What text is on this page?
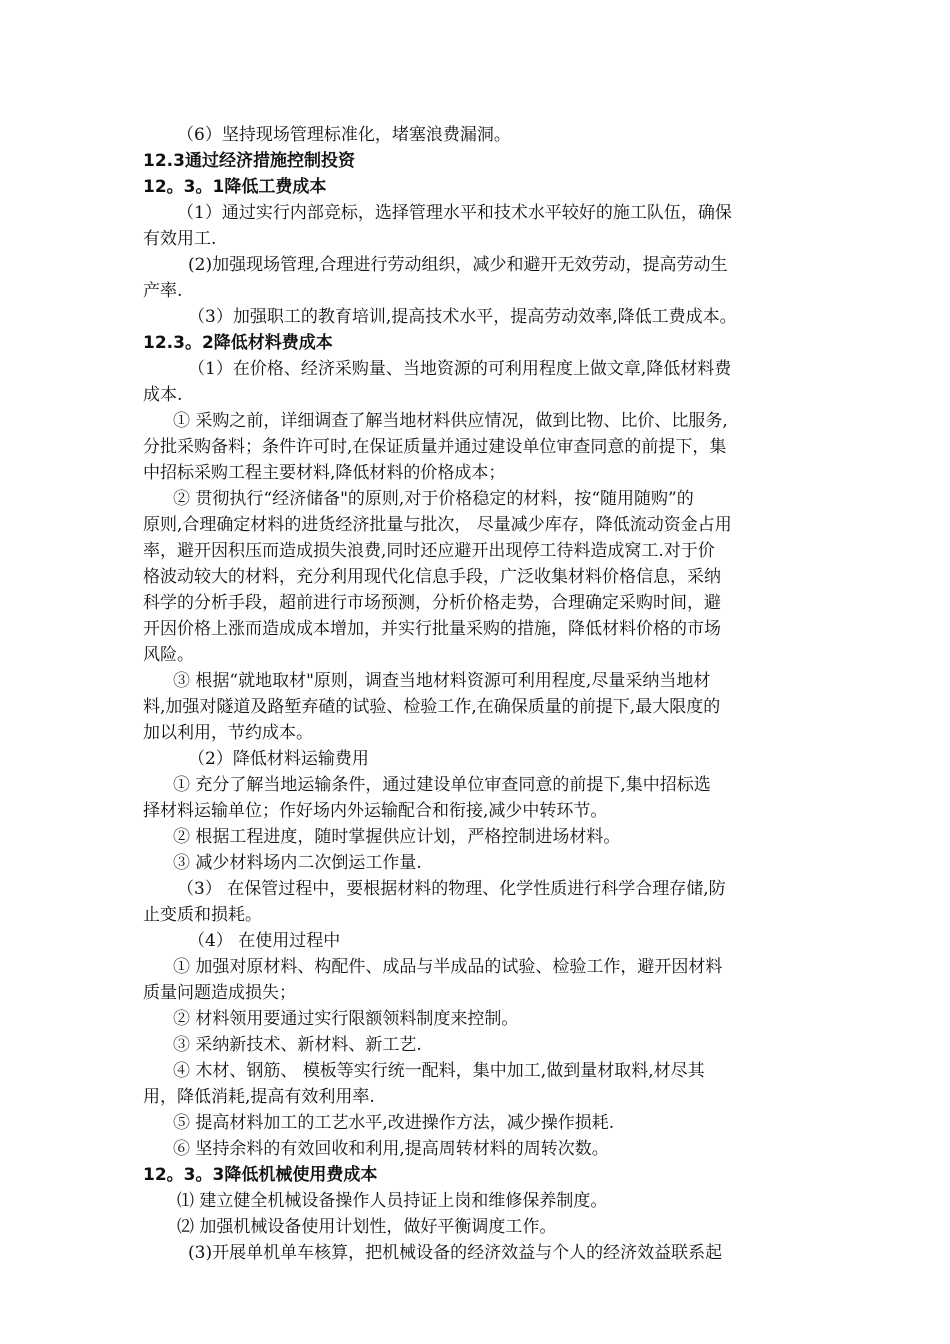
（6）坚持现场管理标准化，堵塞浪费漏洞。
12.3通过经济措施控制投资
12。3。1降低工费成本
（1）通过实行内部竞标，选择管理水平和技术水平较好的施工队伍，确保
有效用工.
(2)加强现场管理,合理进行劳动组织，减少和避开无效劳动，提高劳动生
产率.
（3）加强职工的教育培训,提高技术水平，提高劳动效率,降低工费成本。
12.3。2降低材料费成本
（1）在价格、经济采购量、当地资源的可利用程度上做文章,降低材料费
成本.
① 采购之前，详细调查了解当地材料供应情况，做到比物、比价、比服务,
分批采购备料；条件许可时,在保证质量并通过建设单位审查同意的前提下，集
中招标采购工程主要材料,降低材料的价格成本；
② 贯彻执行“经济储备"的原则,对于价格稳定的材料，按“随用随购”的
原则,合理确定材料的进货经济批量与批次， 尽量减少库存，降低流动资金占用
率，避开因积压而造成损失浪费,同时还应避开出现停工待料造成窝工.对于价
格波动较大的材料，充分利用现代化信息手段，广泛收集材料价格信息，采纳
科学的分析手段，超前进行市场预测，分析价格走势，合理确定采购时间，避
开因价格上涨而造成成本增加，并实行批量采购的措施，降低材料价格的市场
风险。
③ 根据“就地取材"原则，调查当地材料资源可利用程度,尽量采纳当地材
料,加强对隧道及路堑弃碴的试验、检验工作,在确保质量的前提下,最大限度的
加以利用，节约成本。
（2）降低材料运输费用
① 充分了解当地运输条件，通过建设单位审查同意的前提下,集中招标选
择材料运输单位；作好场内外运输配合和衔接,减少中转环节。
② 根据工程进度，随时掌握供应计划，严格控制进场材料。
③ 减少材料场内二次倒运工作量.
（3） 在保管过程中，要根据材料的物理、化学性质进行科学合理存储,防
止变质和损耗。
（4） 在使用过程中
① 加强对原材料、构配件、成品与半成品的试验、检验工作，避开因材料
质量问题造成损失；
② 材料领用要通过实行限额领料制度来控制。
③ 采纳新技术、新材料、新工艺.
④ 木材、钢筋、 模板等实行统一配料，集中加工,做到量材取料,材尽其
用，降低消耗,提高有效利用率.
⑤ 提高材料加工的工艺水平,改进操作方法，减少操作损耗.
⑥ 坚持余料的有效回收和利用,提高周转材料的周转次数。
12。3。3降低机械使用费成本
⑴ 建立健全机械设备操作人员持证上岗和维修保养制度。
⑵ 加强机械设备使用计划性，做好平衡调度工作。
(3)开展单机单车核算，把机械设备的经济效益与个人的经济效益联系起
